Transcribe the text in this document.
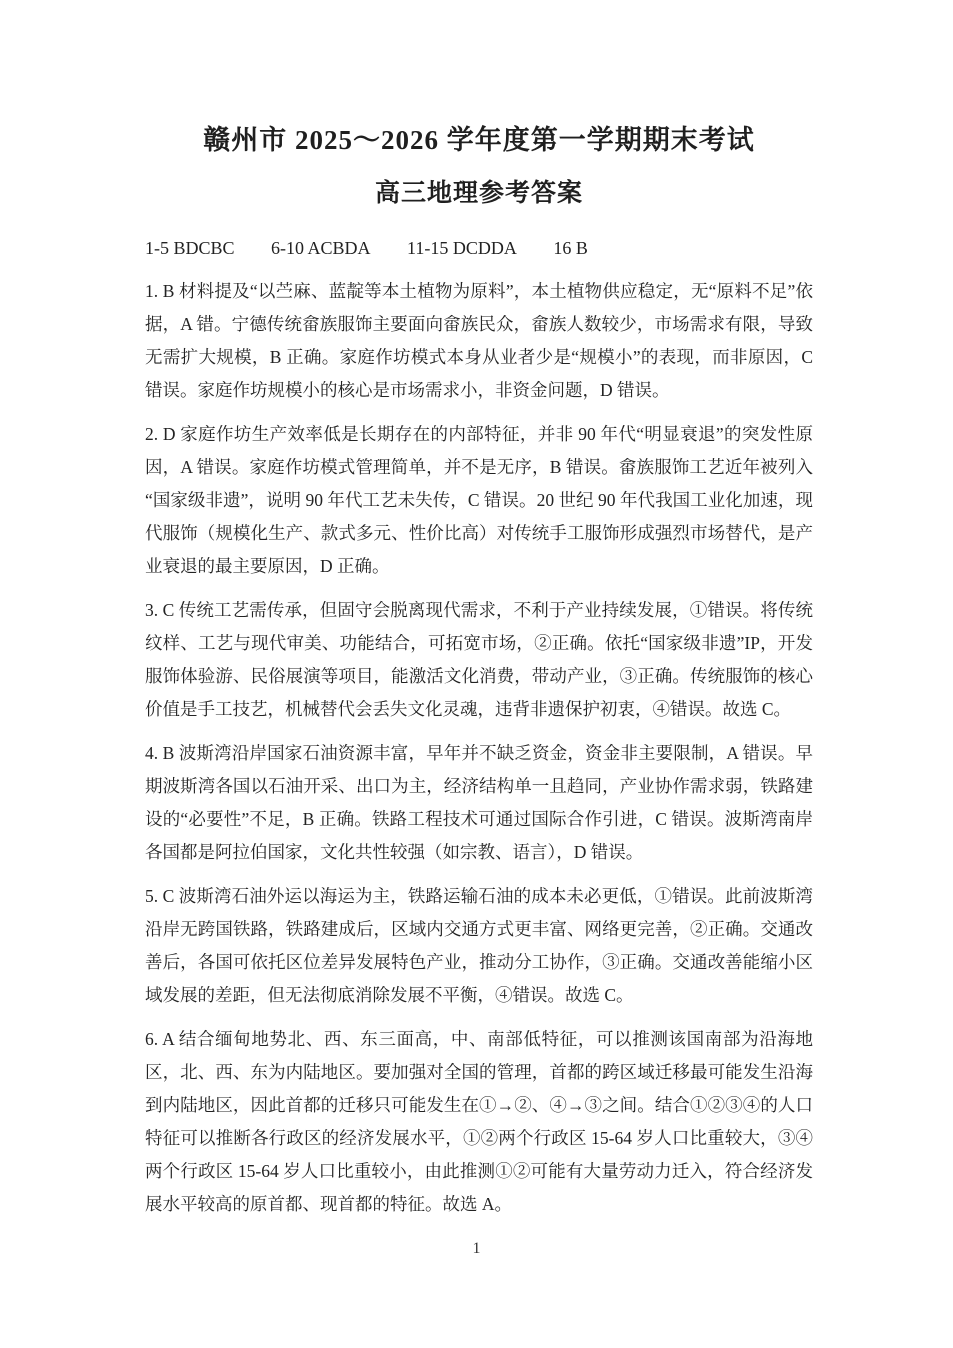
赣州市 2025～2026 学年度第一学期期末考试
高三地理参考答案
1-5 BDCBC 6-10 ACBDA 11-15 DCDDA 16 B

1. B 材料提及“以苎麻、蓝靛等本土植物为原料”，本土植物供应稳定，无“原料不足”依据，A 错。宁德传统畲族服饰主要面向畲族民众，畲族人数较少，市场需求有限，导致无需扩大规模，B 正确。家庭作坊模式本身从业者少是“规模小”的表现，而非原因，C 错误。家庭作坊规模小的核心是市场需求小，非资金问题，D 错误。

2. D 家庭作坊生产效率低是长期存在的内部特征，并非 90 年代“明显衰退”的突发性原因，A 错误。家庭作坊模式管理简单，并不是无序，B 错误。畲族服饰工艺近年被列入“国家级非遗”，说明 90 年代工艺未失传，C 错误。20 世纪 90 年代我国工业化加速，现代服饰（规模化生产、款式多元、性价比高）对传统手工服饰形成强烈市场替代，是产业衰退的最主要原因，D 正确。

3. C 传统工艺需传承，但固守会脱离现代需求，不利于产业持续发展，①错误。将传统纹样、工艺与现代审美、功能结合，可拓宽市场，②正确。依托“国家级非遗”IP，开发服饰体验游、民俗展演等项目，能激活文化消费，带动产业，③正确。传统服饰的核心价值是手工技艺，机械替代会丢失文化灵魂，违背非遗保护初衷，④错误。故选 C。

4. B 波斯湾沿岸国家石油资源丰富，早年并不缺乏资金，资金非主要限制，A 错误。早期波斯湾各国以石油开采、出口为主，经济结构单一且趋同，产业协作需求弱，铁路建设的“必要性”不足，B 正确。铁路工程技术可通过国际合作引进，C 错误。波斯湾南岸各国都是阿拉伯国家，文化共性较强（如宗教、语言），D 错误。

5. C 波斯湾石油外运以海运为主，铁路运输石油的成本未必更低，①错误。此前波斯湾沿岸无跨国铁路，铁路建成后，区域内交通方式更丰富、网络更完善，②正确。交通改善后，各国可依托区位差异发展特色产业，推动分工协作，③正确。交通改善能缩小区域发展的差距，但无法彻底消除发展不平衡，④错误。故选 C。

6. A 结合缅甸地势北、西、东三面高，中、南部低特征，可以推测该国南部为沿海地区，北、西、东为内陆地区。要加强对全国的管理，首都的跨区域迁移最可能发生沿海到内陆地区，因此首都的迁移只可能发生在①→②、④→③之间。结合①②③④的人口特征可以推断各行政区的经济发展水平，①②两个行政区 15-64 岁人口比重较大，③④两个行政区 15-64 岁人口比重较小，由此推测①②可能有大量劳动力迁入，符合经济发展水平较高的原首都、现首都的特征。故选 A。

1
